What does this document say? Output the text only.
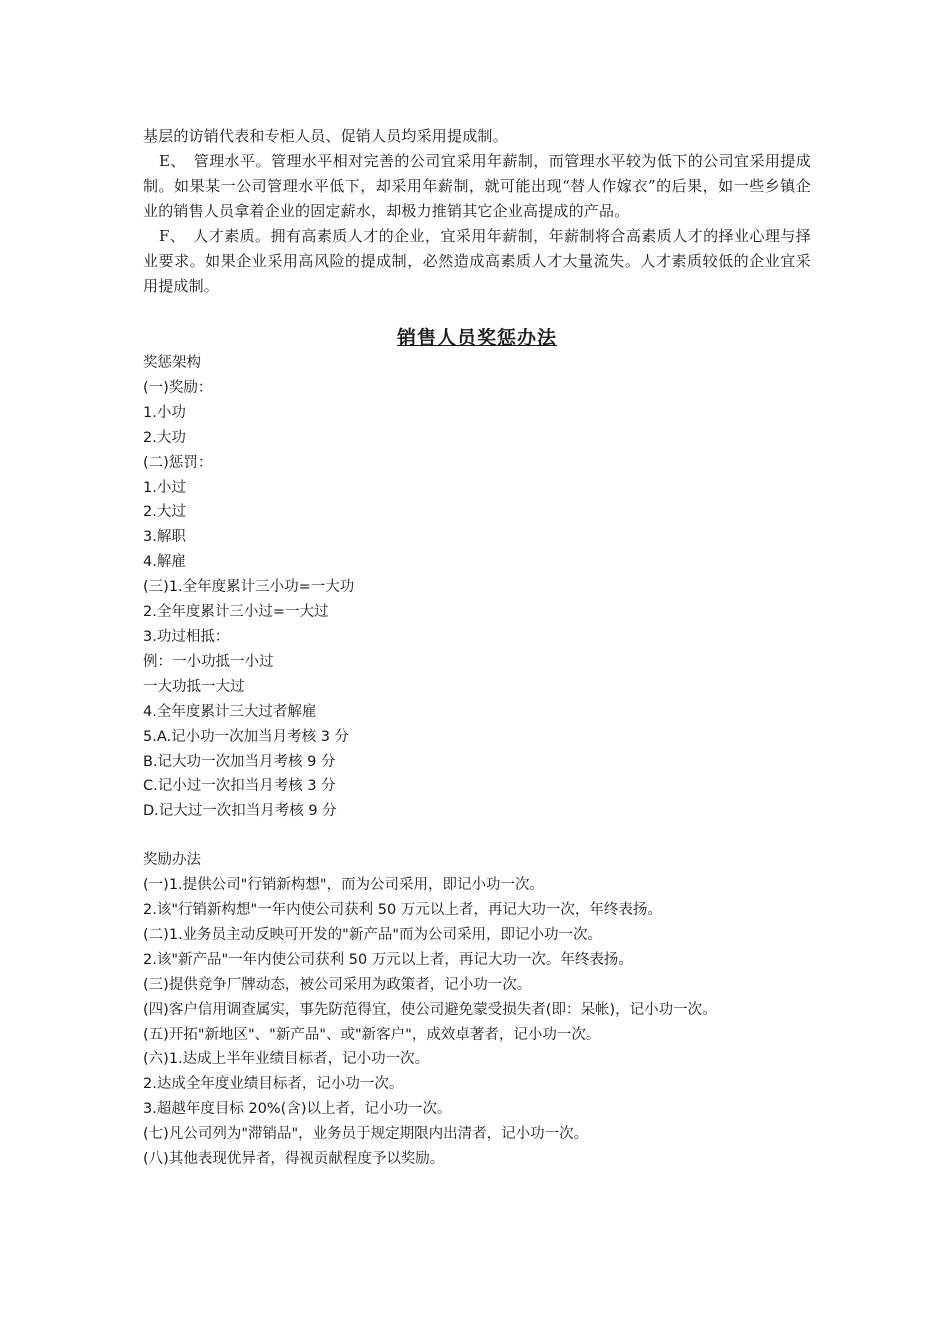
基层的访销代表和专柜人员、促销人员均采用提成制。

E、　管理水平。管理水平相对完善的公司宜采用年薪制，而管理水平较为低下的公司宜采用提成制。如果某一公司管理水平低下，却采用年薪制，就可能出现“替人作嫁衣”的后果，如一些乡镇企业的销售人员拿着企业的固定薪水，却极力推销其它企业高提成的产品。

F、　人才素质。拥有高素质人才的企业，宜采用年薪制，年薪制将合高素质人才的择业心理与择业要求。如果企业采用高风险的提成制，必然造成高素质人才大量流失。人才素质较低的企业宜采用提成制。

销售人员奖惩办法
奖惩架构
(一)奖励：
1.小功
2.大功
(二)惩罚：
1.小过
2.大过
3.解职
4.解雇
(三)1.全年度累计三小功=一大功
2.全年度累计三小过=一大过
3.功过相抵：
例：一小功抵一小过
一大功抵一大过
4.全年度累计三大过者解雇
5.A.记小功一次加当月考核 3 分
B.记大功一次加当月考核 9 分
C.记小过一次扣当月考核 3 分
D.记大过一次扣当月考核 9 分
奖励办法
(一)1.提供公司"行销新构想"，而为公司采用，即记小功一次。
2.该"行销新构想"一年内使公司获利 50 万元以上者，再记大功一次，年终表扬。
(二)1.业务员主动反映可开发的"新产品"而为公司采用，即记小功一次。
2.该"新产品"一年内使公司获利 50 万元以上者，再记大功一次。年终表扬。
(三)提供竞争厂牌动态，被公司采用为政策者，记小功一次。
(四)客户信用调查属实，事先防范得宜，使公司避免蒙受损失者(即：呆帐)，记小功一次。
(五)开拓"新地区"、"新产品"、或"新客户"，成效卓著者，记小功一次。
(六)1.达成上半年业绩目标者，记小功一次。
2.达成全年度业绩目标者，记小功一次。
3.超越年度目标 20%(含)以上者，记小功一次。
(七)凡公司列为"滞销品"，业务员于规定期限内出清者，记小功一次。
(八)其他表现优异者，得视贡献程度予以奖励。
